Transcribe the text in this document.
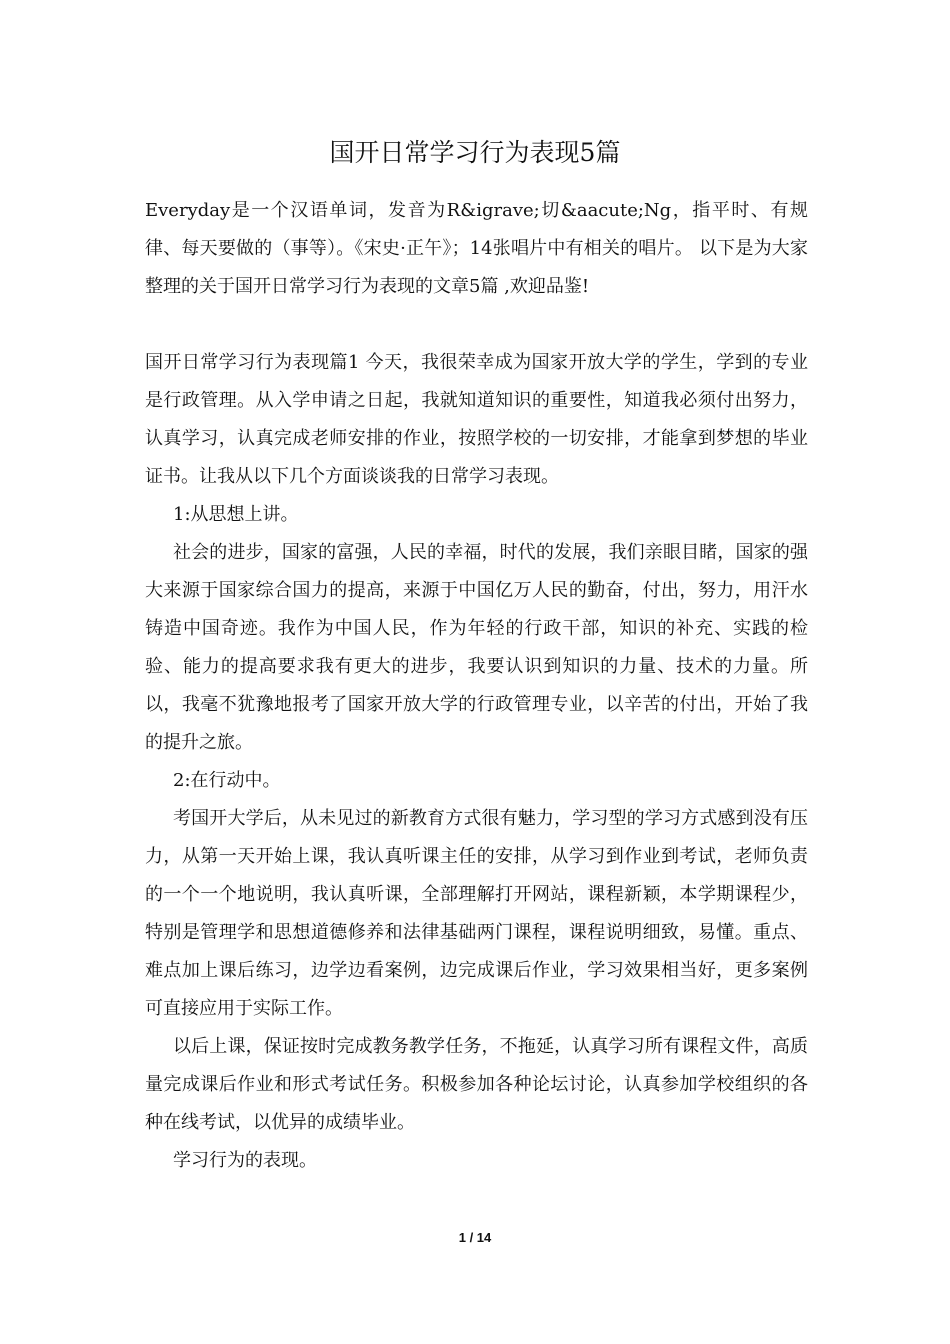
国开日常学习行为表现5篇

Everyday是一个汉语单词，发音为R&igrave;切&aacute;Ng，指平时、有规律、每天要做的（事等）。《宋史·正午》；14张唱片中有相关的唱片。 以下是为大家整理的关于国开日常学习行为表现的文章5篇 ,欢迎品鉴!

国开日常学习行为表现篇1 今天，我很荣幸成为国家开放大学的学生，学到的专业是行政管理。从入学申请之日起，我就知道知识的重要性，知道我必须付出努力，认真学习，认真完成老师安排的作业，按照学校的一切安排，才能拿到梦想的毕业证书。让我从以下几个方面谈谈我的日常学习表现。

1:从思想上讲。

社会的进步，国家的富强，人民的幸福，时代的发展，我们亲眼目睹，国家的强大来源于国家综合国力的提高，来源于中国亿万人民的勤奋，付出，努力，用汗水铸造中国奇迹。我作为中国人民，作为年轻的行政干部，知识的补充、实践的检验、能力的提高要求我有更大的进步，我要认识到知识的力量、技术的力量。所以，我毫不犹豫地报考了国家开放大学的行政管理专业，以辛苦的付出，开始了我的提升之旅。

2:在行动中。

考国开大学后，从未见过的新教育方式很有魅力，学习型的学习方式感到没有压力，从第一天开始上课，我认真听课主任的安排，从学习到作业到考试，老师负责的一个一个地说明，我认真听课，全部理解打开网站，课程新颖，本学期课程少，特别是管理学和思想道德修养和法律基础两门课程，课程说明细致，易懂。重点、难点加上课后练习，边学边看案例，边完成课后作业，学习效果相当好，更多案例可直接应用于实际工作。

以后上课，保证按时完成教务教学任务，不拖延，认真学习所有课程文件，高质量完成课后作业和形式考试任务。积极参加各种论坛讨论，认真参加学校组织的各种在线考试，以优异的成绩毕业。

学习行为的表现。

1 / 14
